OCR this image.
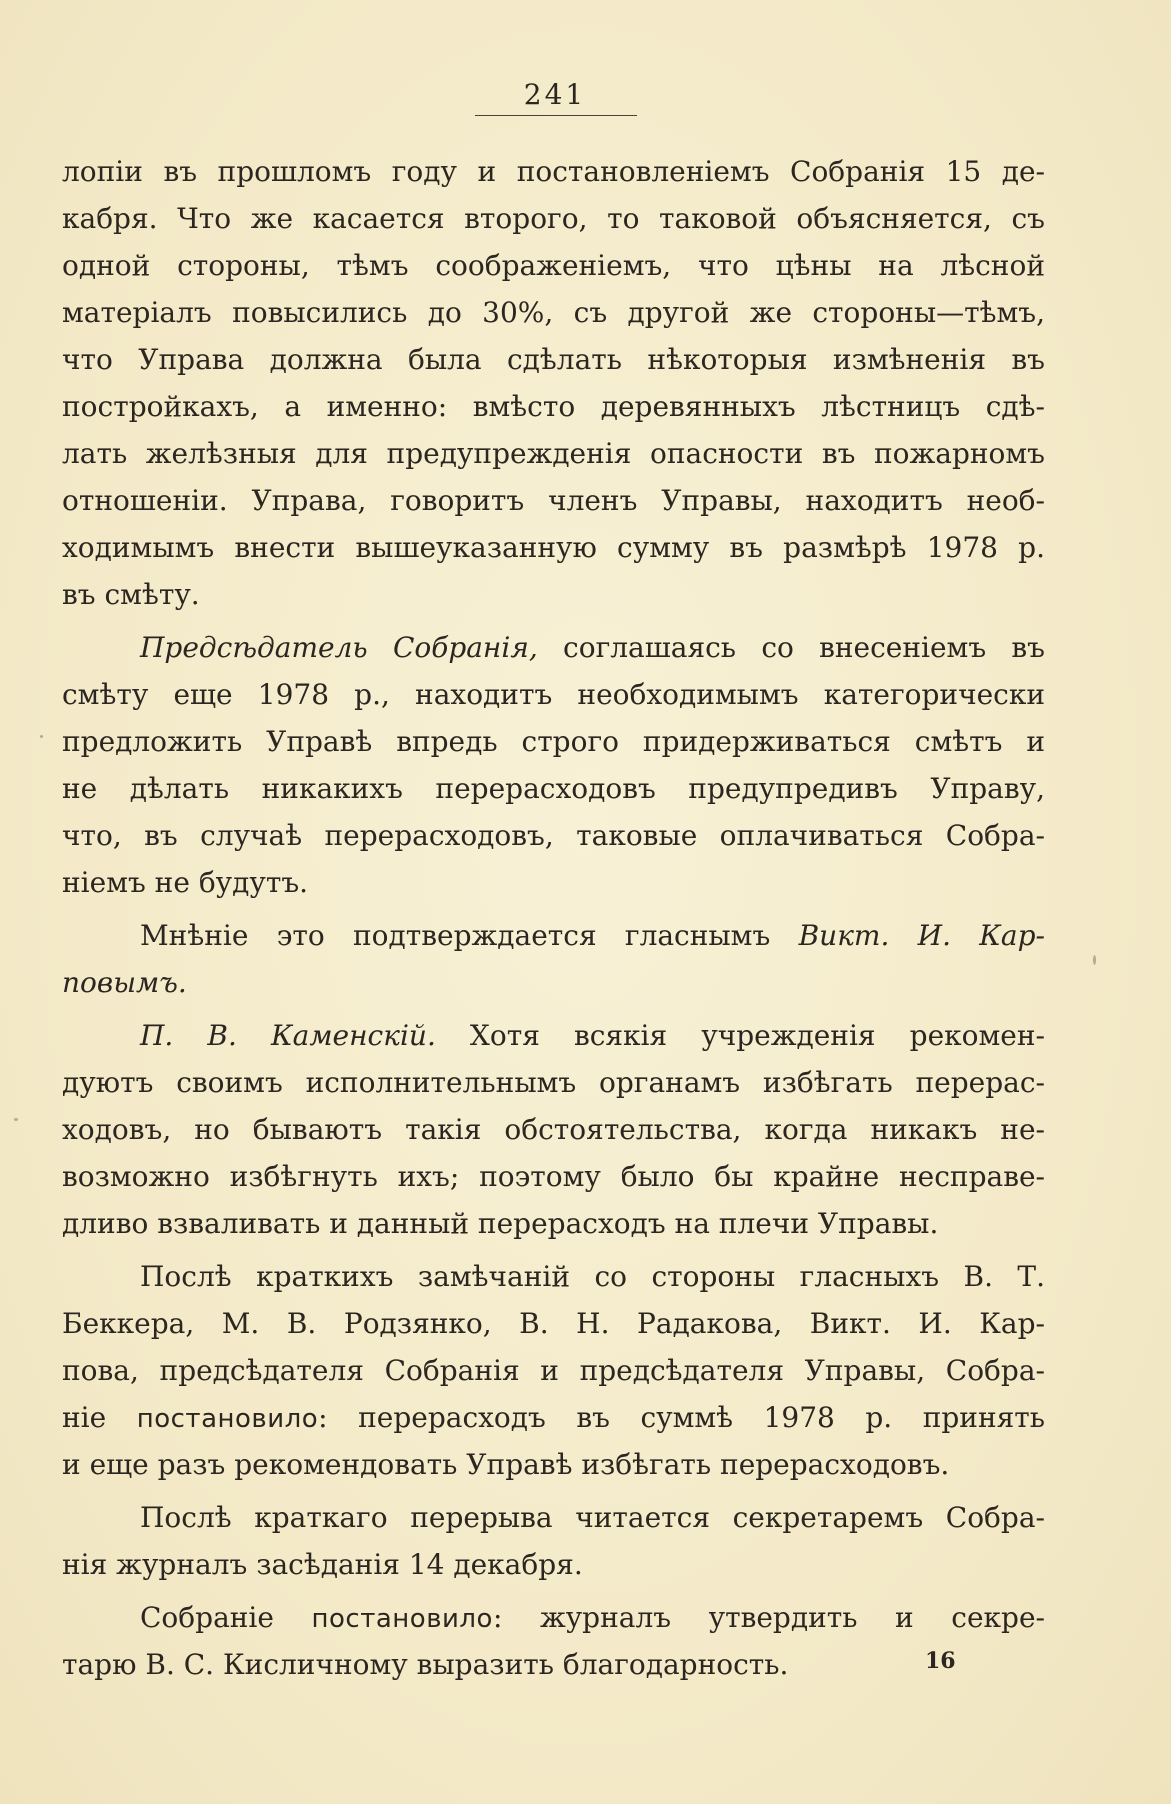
241
лопіи въ прошломъ году и постановленіемъ Собранія 15 де-
кабря. Что же касается второго, то таковой объясняется, съ
одной стороны, тѣмъ соображеніемъ, что цѣны на лѣсной
матеріалъ повысились до 30%, съ другой же стороны—тѣмъ,
что Управа должна была сдѣлать нѣкоторыя измѣненія въ
постройкахъ, а именно: вмѣсто деревянныхъ лѣстницъ сдѣ-
лать желѣзныя для предупрежденія опасности въ пожарномъ
отношеніи. Управа, говоритъ членъ Управы, находитъ необ-
ходимымъ внести вышеуказанную сумму въ размѣрѣ 1978 р.
въ смѣту.
Предсѣдатель Собранія, соглашаясь со внесеніемъ въ
смѣту еще 1978 р., находитъ необходимымъ категорически
предложить Управѣ впредь строго придерживаться смѣтъ и
не дѣлать никакихъ перерасходовъ предупредивъ Управу,
что, въ случаѣ перерасходовъ, таковые оплачиваться Собра-
ніемъ не будутъ.
Мнѣніе это подтверждается гласнымъ Викт. И. Кар-
повымъ.
П. В. Каменскій. Хотя всякія учрежденія рекомен-
дуютъ своимъ исполнительнымъ органамъ избѣгать перерас-
ходовъ, но бываютъ такія обстоятельства, когда никакъ не-
возможно избѣгнуть ихъ; поэтому было бы крайне несправе-
дливо взваливать и данный перерасходъ на плечи Управы.
Послѣ краткихъ замѣчаній со стороны гласныхъ В. Т.
Беккера, М. В. Родзянко, В. Н. Радакова, Викт. И. Кар-
пова, предсѣдателя Собранія и предсѣдателя Управы, Собра-
ніе постановило: перерасходъ въ суммѣ 1978 р. принять
и еще разъ рекомендовать Управѣ избѣгать перерасходовъ.
Послѣ краткаго перерыва читается секретаремъ Собра-
нія журналъ засѣданія 14 декабря.
Собраніе постановило: журналъ утвердить и секре-
тарю В. С. Кисличному выразить благодарность.	16
